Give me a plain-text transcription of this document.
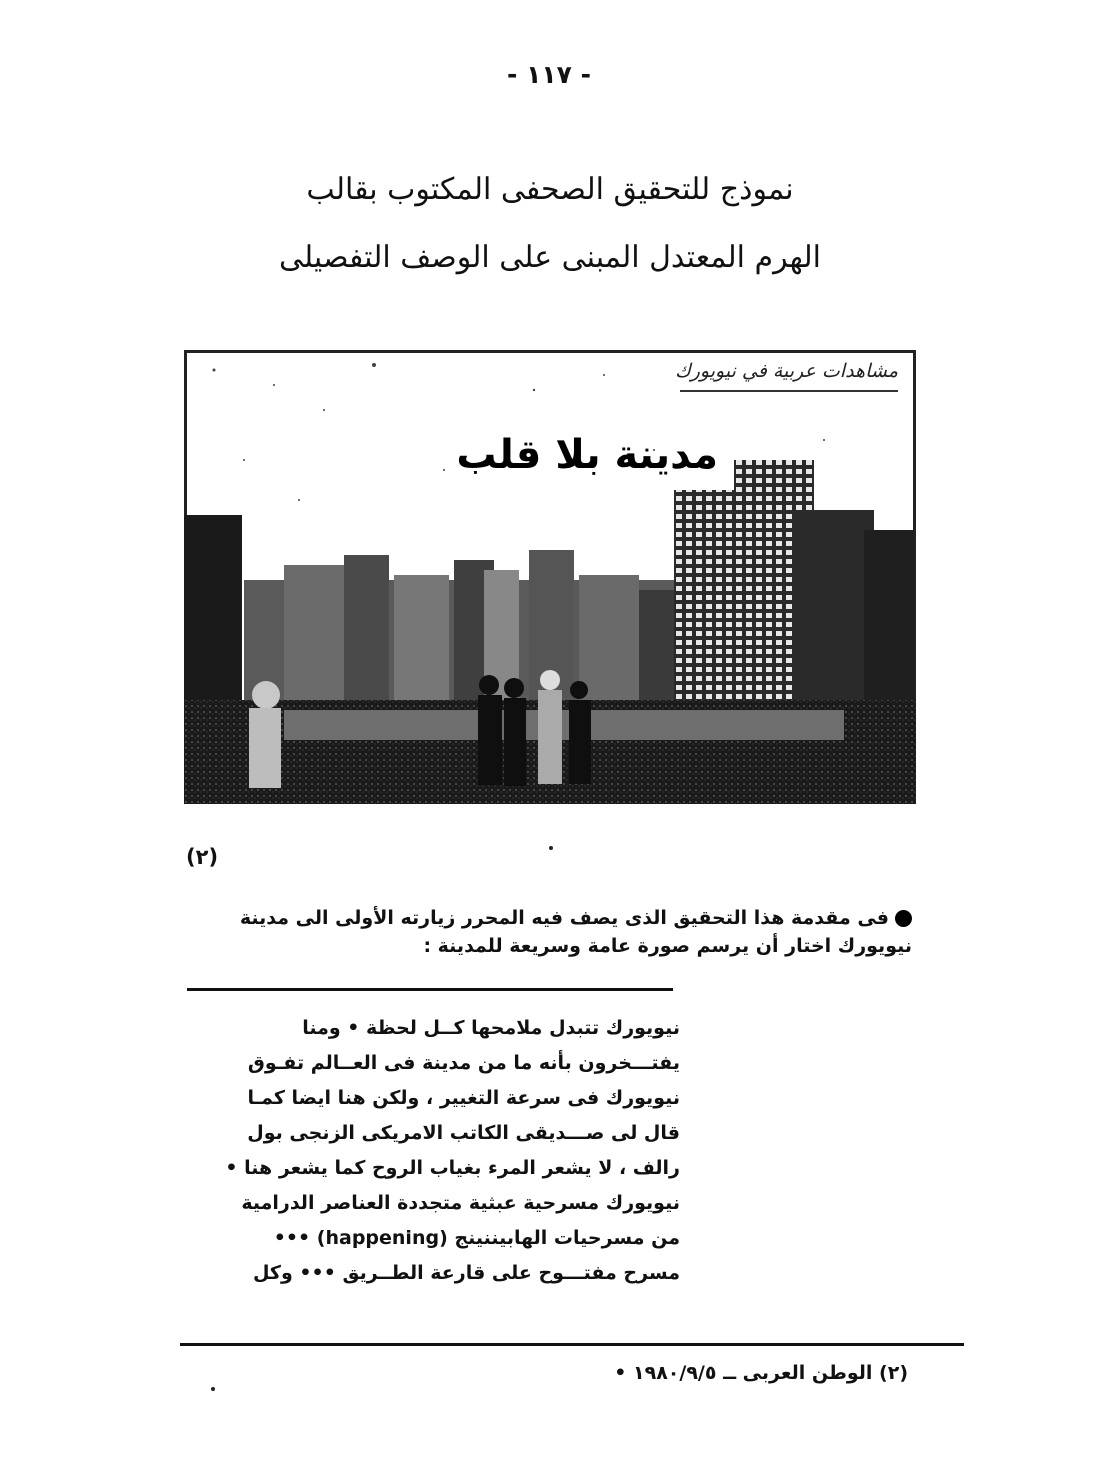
- ١١٧ -
نموذج للتحقيق الصحفى المكتوب بقالب
الهرم المعتدل المبنى على الوصف التفصيلى
مشاهدات عربية في نيويورك
مدينة بلا قلب
(٢)
فى مقدمة هذا التحقيق الذى يصف فيه المحرر زيارته الأولى الى مدينة
نيويورك اختار أن يرسم صورة عامة وسريعة للمدينة :
نيويورك تتبدل ملامحها كــل لحظة • ومنا
يفتـــخرون بأنه ما من مدينة فى العــالم تفـوق
نيويورك فى سرعة التغيير ، ولكن هنا ايضا كمـا
قال لى صـــديقى الكاتب الامريكى الزنجى بول
رالف ، لا يشعر المرء بغياب الروح كما يشعر هنا •
نيويورك مسرحية عبثية متجددة العناصر الدرامية
من مسرحيات الهابيننينج (happening) •••
مسرح مفتـــوح على قارعة الطــريق ••• وكل
(٢) الوطن العربى ــ ١٩٨٠/٩/٥ •
